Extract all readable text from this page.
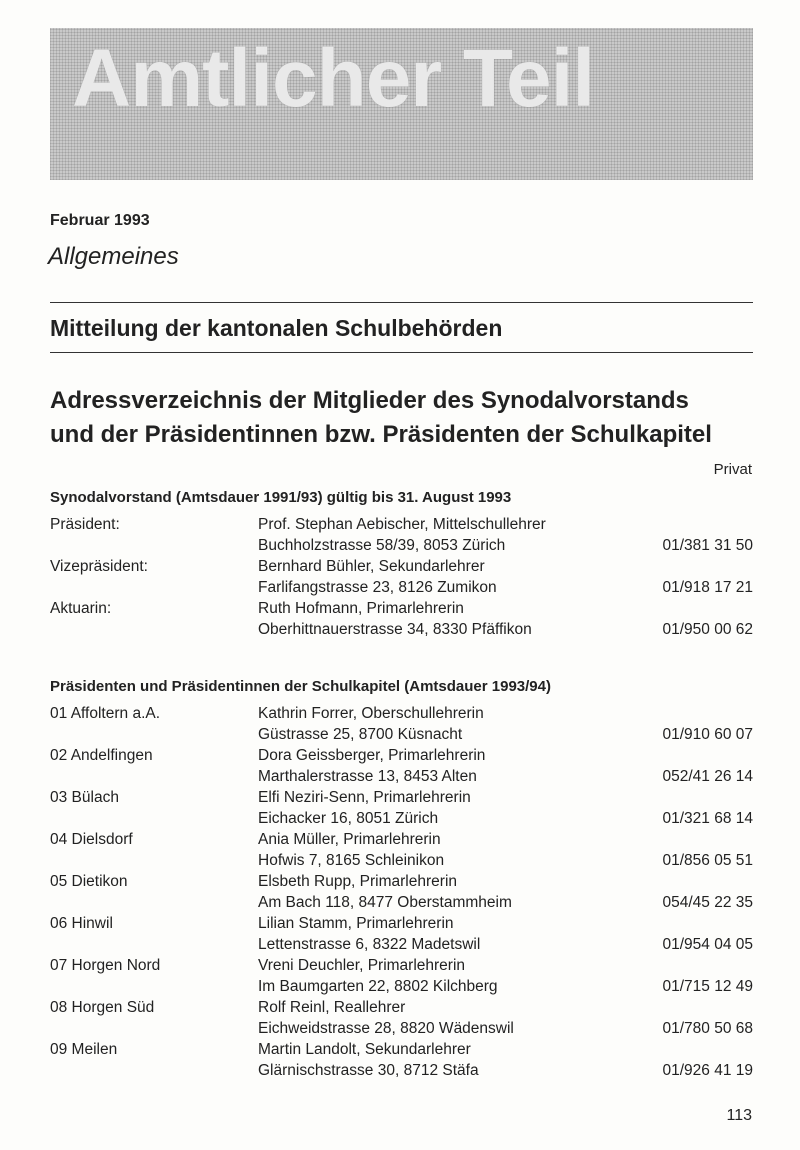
Amtlicher Teil
Februar 1993
Allgemeines
Mitteilung der kantonalen Schulbehörden
Adressverzeichnis der Mitglieder des Synodalvorstands
und der Präsidentinnen bzw. Präsidenten der Schulkapitel
Privat
Synodalvorstand (Amtsdauer 1991/93) gültig bis 31. August 1993
Präsident:	Prof. Stephan Aebischer, Mittelschullehrer
Buchholzstrasse 58/39, 8053 Zürich	01/381 31 50
Vizepräsident:	Bernhard Bühler, Sekundarlehrer
Farlifangstrasse 23, 8126 Zumikon	01/918 17 21
Aktuarin:	Ruth Hofmann, Primarlehrerin
Oberhittnauerstrasse 34, 8330 Pfäffikon	01/950 00 62
Präsidenten und Präsidentinnen der Schulkapitel (Amtsdauer 1993/94)
01 Affoltern a.A.	Kathrin Forrer, Oberschullehrerin
Güstrasse 25, 8700 Küsnacht	01/910 60 07
02 Andelfingen	Dora Geissberger, Primarlehrerin
Marthalerstrasse 13, 8453 Alten	052/41 26 14
03 Bülach	Elfi Neziri-Senn, Primarlehrerin
Eichacker 16, 8051 Zürich	01/321 68 14
04 Dielsdorf	Ania Müller, Primarlehrerin
Hofwis 7, 8165 Schleinikon	01/856 05 51
05 Dietikon	Elsbeth Rupp, Primarlehrerin
Am Bach 118, 8477 Oberstammheim	054/45 22 35
06 Hinwil	Lilian Stamm, Primarlehrerin
Lettenstrasse 6, 8322 Madetswil	01/954 04 05
07 Horgen Nord	Vreni Deuchler, Primarlehrerin
Im Baumgarten 22, 8802 Kilchberg	01/715 12 49
08 Horgen Süd	Rolf Reinl, Reallehrer
Eichweidstrasse 28, 8820 Wädenswil	01/780 50 68
09 Meilen	Martin Landolt, Sekundarlehrer
Glärnischstrasse 30, 8712 Stäfa	01/926 41 19
113
